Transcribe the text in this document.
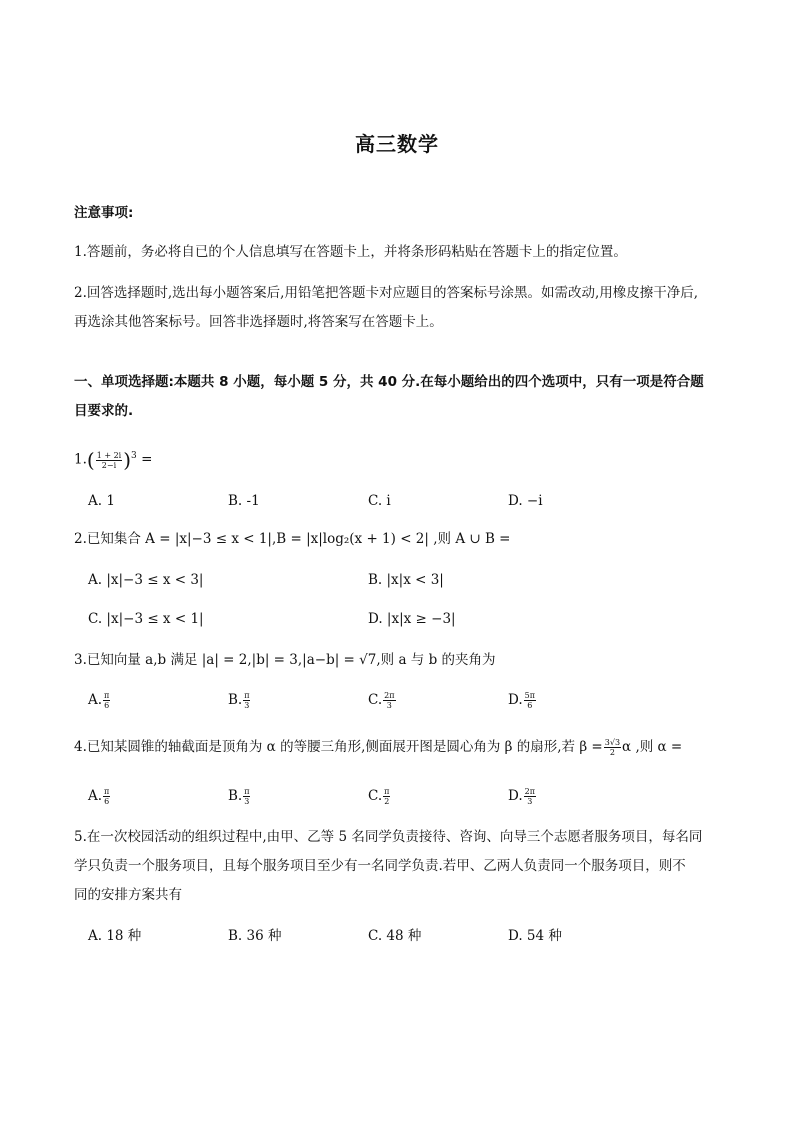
高三数学
注意事项:
1.答题前，务必将自已的个人信息填写在答题卡上，并将条形码粘贴在答题卡上的指定位置。
2.回答选择题时,选出每小题答案后,用铅笔把答题卡对应题目的答案标号涂黑。如需改动,用橡皮擦干净后,
再选涂其他答案标号。回答非选择题时,将答案写在答题卡上。
一、单项选择题:本题共 8 小题，每小题 5 分，共 40 分.在每小题给出的四个选项中，只有一项是符合题
目要求的.
$1.( \frac{1 + 2i}{2-i} )^3$ =
A. 1	B. -1	C. i	D. −i
2.已知集合 A = |x|−3 ≤ x < 1|,B = |x|log₂(x + 1) < 2| ,则 A ∪ B =
A. |x|−3 ≤ x < 3|	B. |x|x < 3|
C. |x|−3 ≤ x < 1|	D. |x|x ≥ −3|
3.已知向量 a,b 满足 |a| = 2,|b| = 3,|a−b| = √7,则 a 与 b 的夹角为
A. $\frac{\pi}{6}$	B. $\frac{\pi}{3}$	C. $\frac{2\pi}{3}$	D. $\frac{5\pi}{6}$
4.已知某圆锥的轴截面是顶角为 α 的等腰三角形,侧面展开图是圆心角为 β 的扇形,若 $\beta = \frac{3√3}{2}$ α ,则 α =
A. $\frac{\pi}{6}$	B. $\frac{\pi}{3}$	C. $\frac{\pi}{2}$	D. $\frac{2\pi}{3}$
5.在一次校园活动的组织过程中,由甲、乙等 5 名同学负责接待、咨询、向导三个志愿者服务项目，每名同
学只负责一个服务项目，且每个服务项目至少有一名同学负责.若甲、乙两人负责同一个服务项目，则不
同的安排方案共有
A. 18 种	B. 36 种	C. 48 种	D. 54 种
